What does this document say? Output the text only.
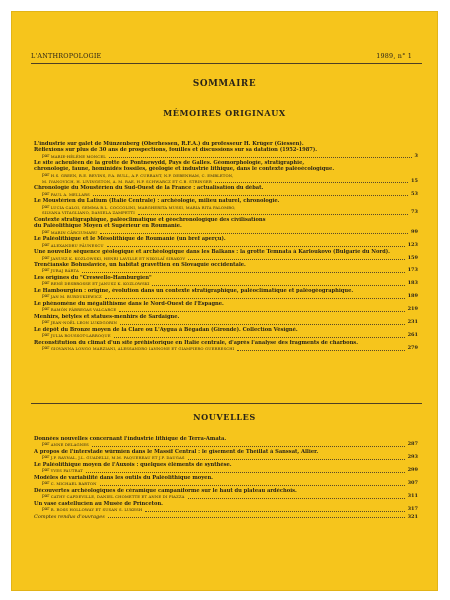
L'ANTHROPOLOGIE	1989, n° 1
SOMMAIRE
MÉMOIRES ORIGINAUX
L'industrie sur galet de Münzenberg (Oberhessen, R.F.A.) du professeur H. Krüger (Giessen).
Réflexions sur plus de 30 ans de prospections, fouilles et discussions sur sa datation (1952-1987).
par
MARIE-HÉLÈNE MONCEL	3
Le site acheuléen de la grotte de Pontnewydd, Pays de Galles. Géomorphologie, stratigraphie,
chronologie, faune, hominidés fossiles, géologie et industrie lithique, dans le contexte paléoécologique.
par
H.S. GREEN, R.E. BEVINS, P.A. BULL, A.P. CURRANT, N.P. DEBENHAM, C. EMBLETON,
M. IVANOVICH, H. LIVINGSTON, A. M. RAE, H.P. SCHWARCZ ET C.B. STRINGER	15
Chronologie du Moustérien du Sud-Ouest de la France : actualisation du débat.
par
PAUL A. MELLARS	53
Le Moustérien du Latium (Italie Centrale) : archéologie, milieu naturel, chronologie.
par
LUCIA CALOI, GEMMA B.L. COCCOLINI, MARGHERITA MUSSI, MARIA RITA PALOMBO,
SILVANA VITAGLIANO, DANIELA ZAMPETTI	73
Contexte stratigraphique, paléoclimatique et géochronologique des civilisations
du Paléolithique Moyen et Supérieur en Roumanie.
par
MARIN CÂRCIUMARU	99
Le Paléolithique et le Mésolithique de Roumanie (un bref aperçu).
par
ALEXANDRU PĂUNESCU	123
Une nouvelle séquence géologique et archéologique dans les Balkans : la grotte Temnata à Karloukovo (Bulgarie du Nord).
par
JANUSZ K. KOZLOWSKI, HENRI LAVILLE ET NIKOLAÏ SIRAKOV	159
Trenčianske Bohuslavice, un habitat gravettien en Slovaquie occidentale.
par
JURAJ BÁRTA	173
Les origines du "Creswello-Hamburgien"
par
RENÉ DESBROSSE ET JANUSZ K. KOZLOWSKI	183
Le Hambourgien : origine, évolution dans un contexte stratigraphique, paléoclimatique et paléogéographique.
par
JAN M. BURDUKIEWICZ	189
Le phénomène du mégalithisme dans le Nord-Ouest de l'Espagne.
par
RAMÓN FÁBREGAS VALCARCE	219
Menhirs, bétyles et statues-menhirs de Sardaigne.
par
JEAN-NOËL LEON LUKDGORIN	231
Le dépôt du Bronze moyen de la Clare ou L'Aygua à Bégadan (Gironde). Collection Vésigné.
par
JULIA ROUSSOT-LARROQUE	261
Reconstitution du climat d'un site préhistorique en Italie centrale, d'après l'analyse des fragments de charbons.
par
GIOVANNA LONGO MARZIANI, ALESSANDRO IANNONE ET GIAMPIERO GUERRESCHI	279
NOUVELLES
Données nouvelles concernant l'industrie lithique de Terra-Amata.
par
ANNE DELAGNES	287
À propos de l'interstade würmien dans le Massif Central : le gisement de Theillat à Sanssat, Allier.
par
J.P. RAYNAL, J.L. GUADELLI, M.M. PAQUEREAU ET J.P. DAUGAS	293
Le Paléolithique moyen de l'Auxois : quelques éléments de synthèse.
par
YVES PAUTRAT	299
Modèles de variabilité dans les outils du Paléolithique moyen.
par
C. MICHAEL BARTON	307
Découvertes archéologiques de céramique campaniforme sur le haut du plateau ardéchois.
par
CATHY CAPDEVILLE, DANIEL CHOMETTE ET ANNE DI PIAZZA	311
Un vase castellucien au Musée de Princeton.
par
R. ROSS HOLLOWAY ET SUSAN S. LUKESH	317
Comptes rendus d'ouvrages	321
